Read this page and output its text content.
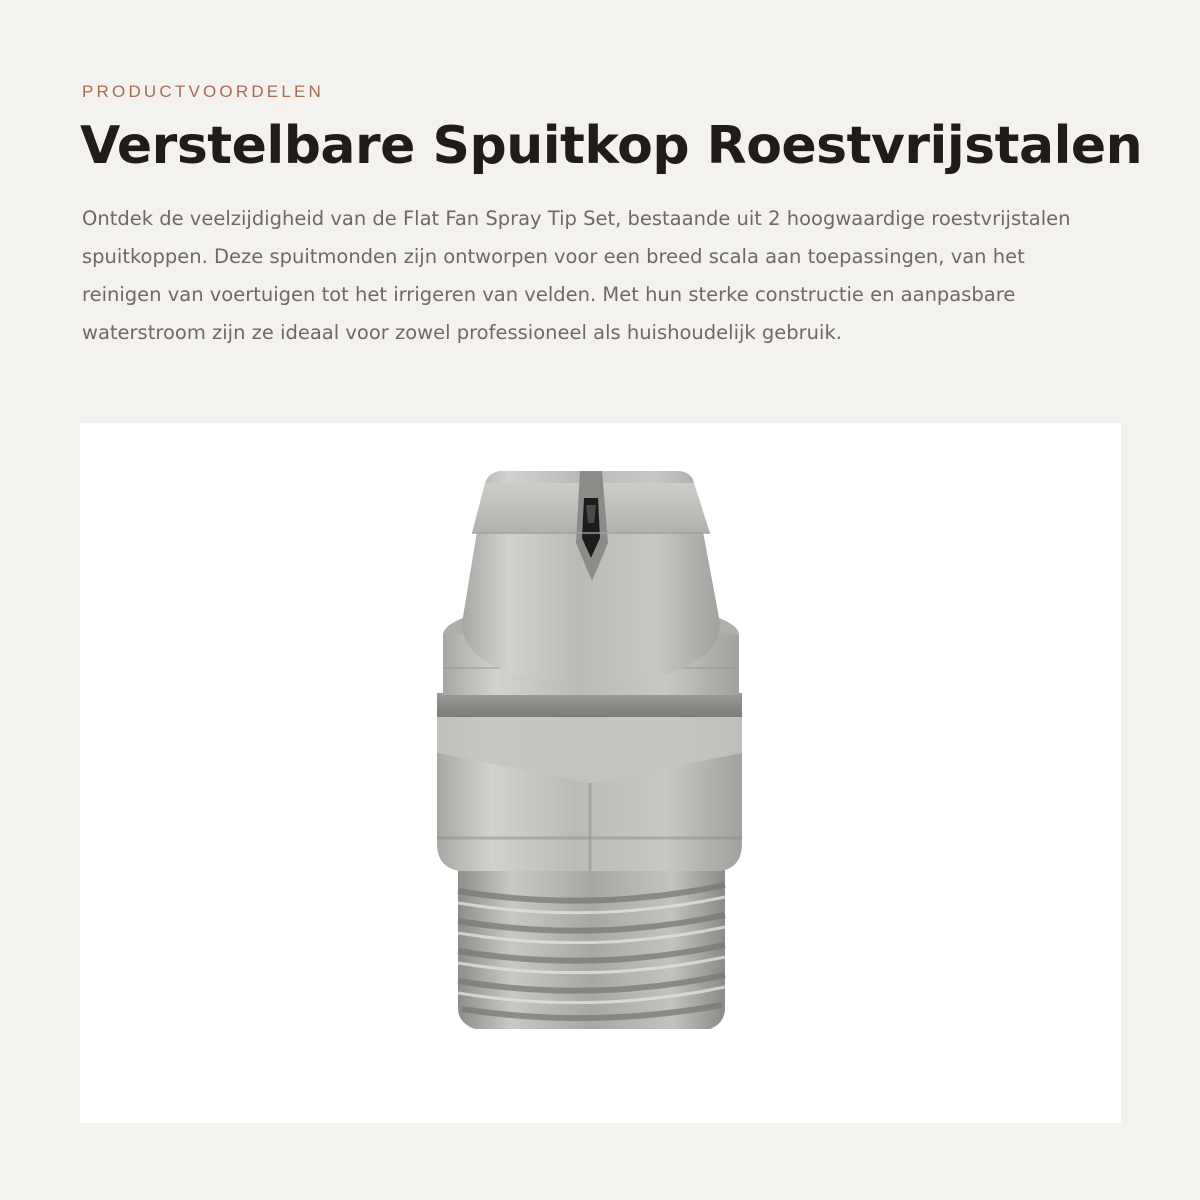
PRODUCTVOORDELEN

Verstelbare Spuitkop Roestvrijstalen

Ontdek de veelzijdigheid van de Flat Fan Spray Tip Set, bestaande uit 2 hoogwaardige roestvrijstalen spuitkoppen. Deze spuitmonden zijn ontworpen voor een breed scala aan toepassingen, van het reinigen van voertuigen tot het irrigeren van velden. Met hun sterke constructie en aanpasbare waterstroom zijn ze ideaal voor zowel professioneel als huishoudelijk gebruik.
